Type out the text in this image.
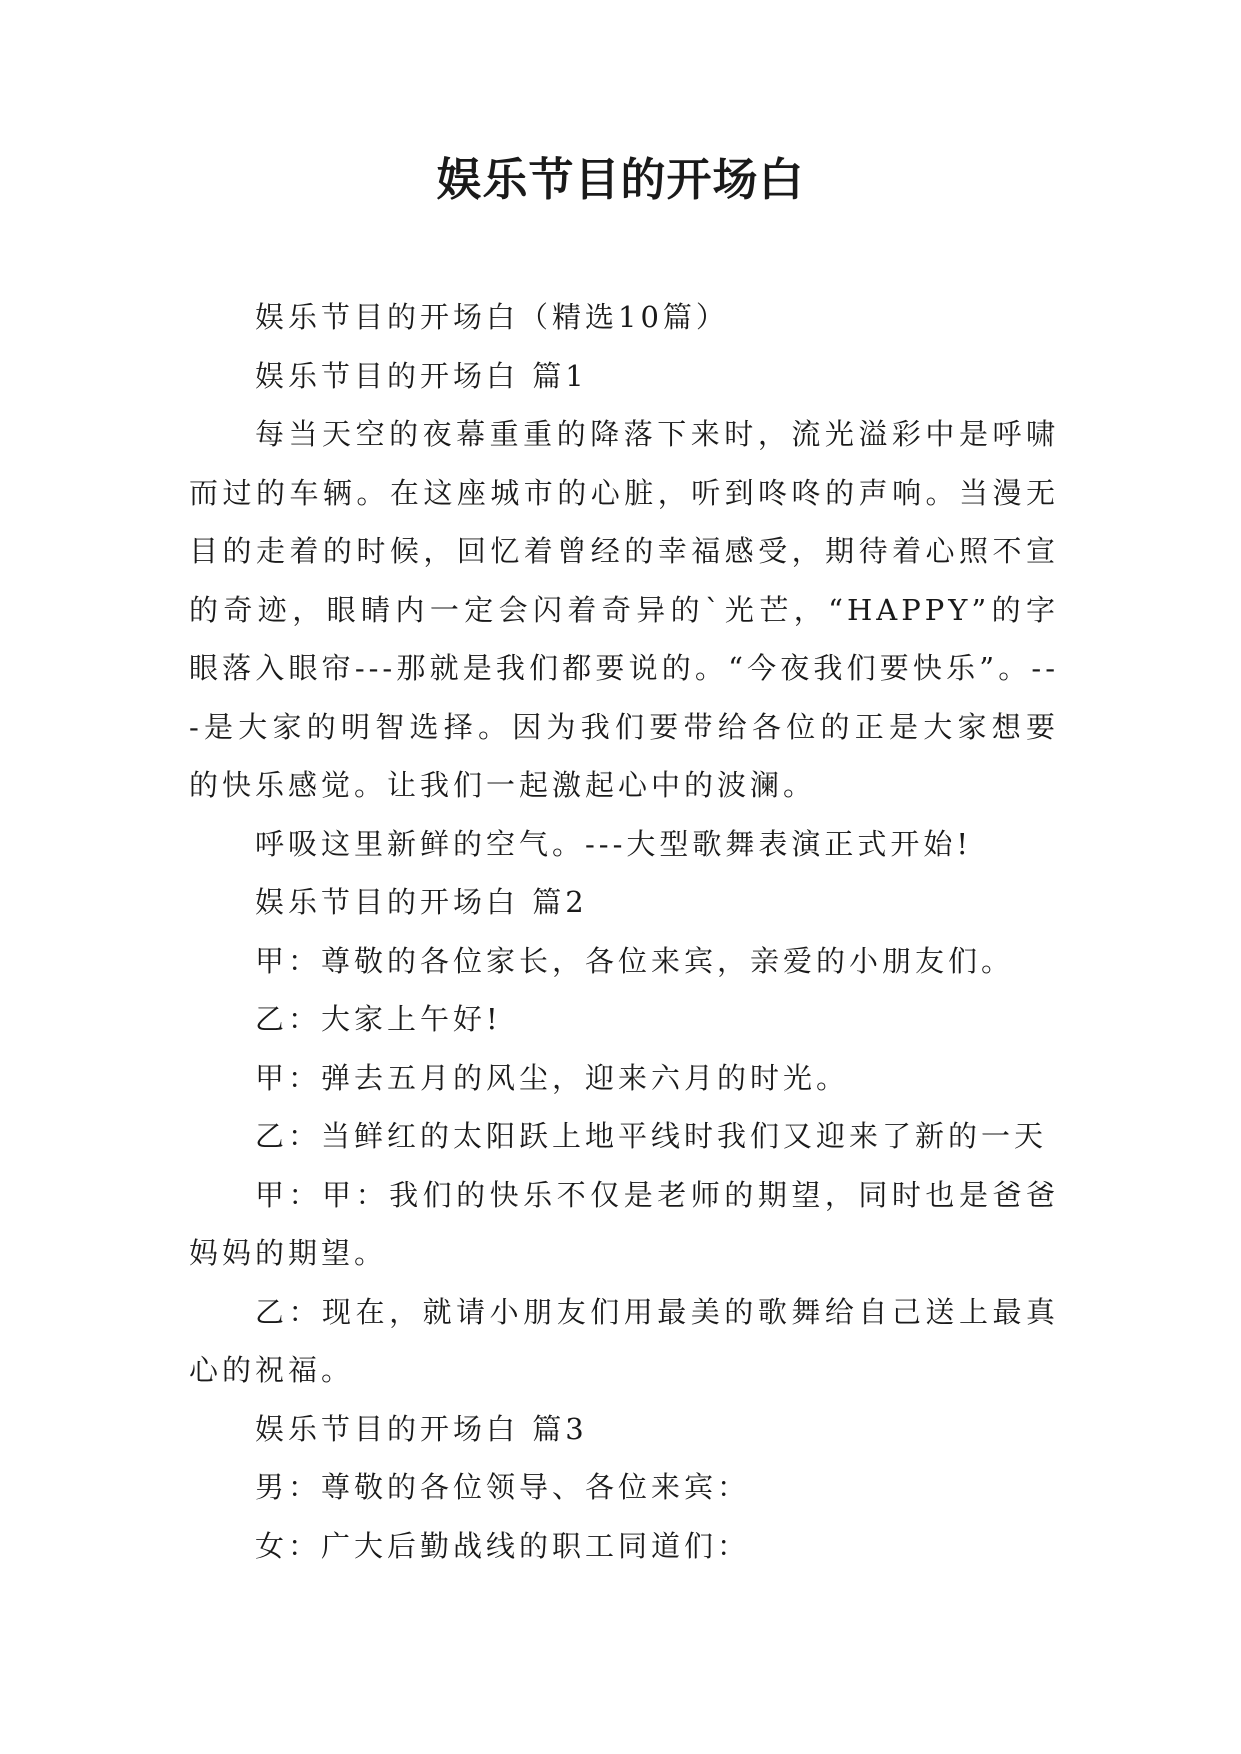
娱乐节目的开场白

娱乐节目的开场白（精选10篇）

娱乐节目的开场白 篇1

每当天空的夜幕重重的降落下来时，流光溢彩中是呼啸而过的车辆。在这座城市的心脏，听到咚咚的声响。当漫无目的走着的时候，回忆着曾经的幸福感受，期待着心照不宣的奇迹，眼睛内一定会闪着奇异的`光芒，“HAPPY”的字眼落入眼帘---那就是我们都要说的。“今夜我们要快乐”。---是大家的明智选择。因为我们要带给各位的正是大家想要的快乐感觉。让我们一起激起心中的波澜。

呼吸这里新鲜的空气。---大型歌舞表演正式开始!

娱乐节目的开场白 篇2

甲：尊敬的各位家长，各位来宾，亲爱的小朋友们。

乙：大家上午好!

甲：弹去五月的风尘，迎来六月的时光。

乙：当鲜红的太阳跃上地平线时我们又迎来了新的一天

甲：甲：我们的快乐不仅是老师的期望，同时也是爸爸妈妈的期望。

乙：现在，就请小朋友们用最美的歌舞给自己送上最真心的祝福。

娱乐节目的开场白 篇3

男：尊敬的各位领导、各位来宾：

女：广大后勤战线的职工同道们：
